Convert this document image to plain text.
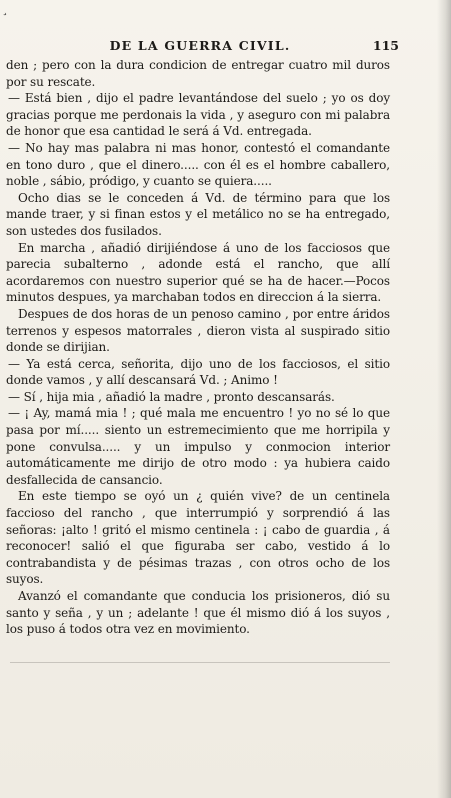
¸
DE LA GUERRA CIVIL.	115

den ; pero con la dura condicion de entregar cuatro mil duros por su rescate.

— Está bien , dijo el padre levantándose del suelo ; yo os doy gracias porque me perdonais la vida , y aseguro con mi palabra de honor que esa cantidad le será á Vd. entregada.

— No hay mas palabra ni mas honor, contestó el comandante en tono duro , que el dinero..... con él es el hombre caballero, noble , sábio, pródigo, y cuanto se quiera.....

Ocho dias se le conceden á Vd. de término para que los mande traer, y si finan estos y el metálico no se ha entregado, son ustedes dos fusilados.

En marcha , añadió dirijiéndose á uno de los facciosos que parecia subalterno , adonde está el rancho, que allí acordaremos con nuestro superior qué se ha de hacer.—Pocos minutos despues, ya marchaban todos en direccion á la sierra.

Despues de dos horas de un penoso camino , por entre áridos terrenos y espesos matorrales , dieron vista al suspirado sitio donde se dirijian.

— Ya está cerca, señorita, dijo uno de los facciosos, el sitio donde vamos , y allí descansará Vd. ; Animo !

— Sí , hija mia , añadió la madre , pronto descansarás.

— ¡ Ay, mamá mia ! ; qué mala me encuentro ! yo no sé lo que pasa por mí..... siento un estremecimiento que me horripila y pone convulsa..... y un impulso y conmocion interior automáticamente me dirijo de otro modo : ya hubiera caido desfallecida de cansancio.

En este tiempo se oyó un ¿ quién vive? de un centinela faccioso del rancho , que interrumpió y sorprendió á las señoras: ¡alto ! gritó el mismo centinela : ¡ cabo de guardia , á reconocer! salió el que figuraba ser cabo, vestido á lo contrabandista y de pésimas trazas , con otros ocho de los suyos.

Avanzó el comandante que conducia los prisioneros, dió su santo y seña , y un ; adelante ! que él mismo dió á los suyos , los puso á todos otra vez en movimiento.
